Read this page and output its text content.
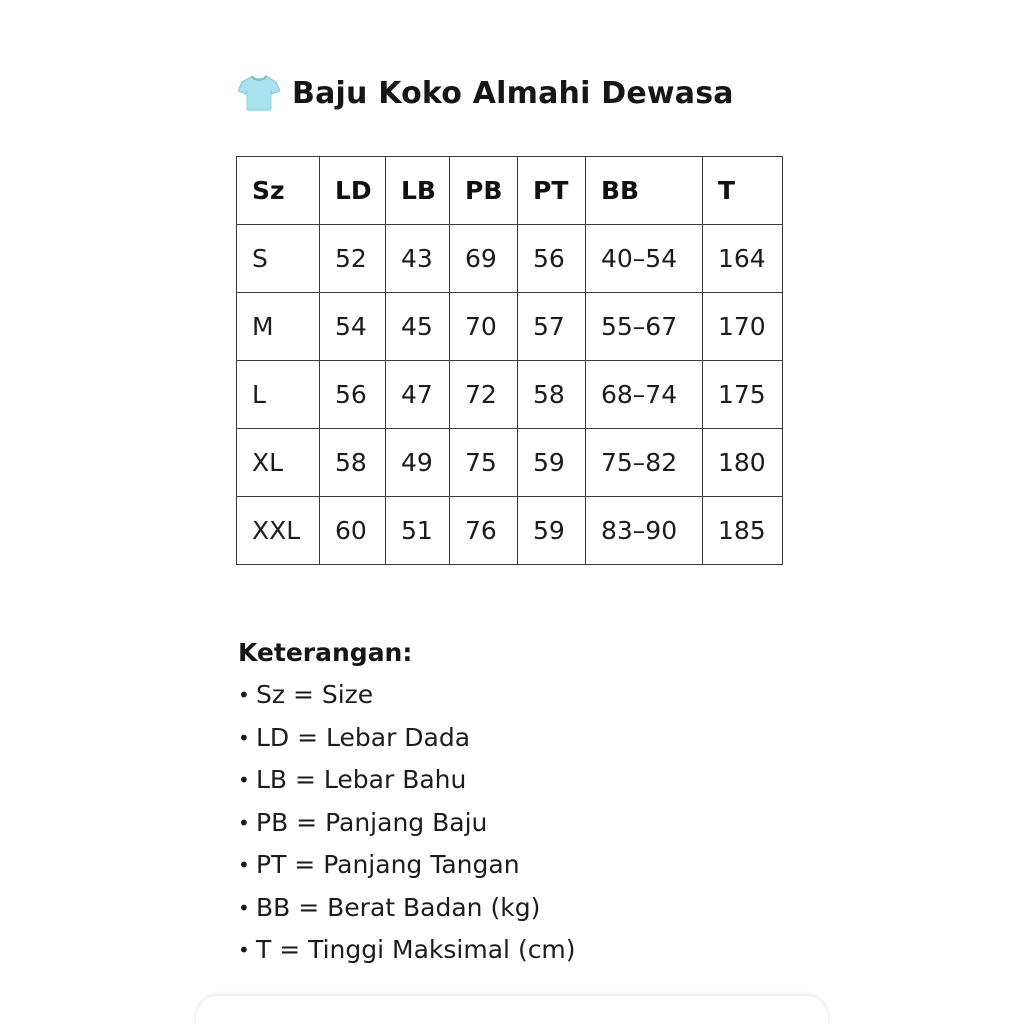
Baju Koko Almahi Dewasa
Sz	LD	LB	PB	PT	BB	T
S	52	43	69	56	40–54	164
M	54	45	70	57	55–67	170
L	56	47	72	58	68–74	175
XL	58	49	75	59	75–82	180
XXL	60	51	76	59	83–90	185
Keterangan:
• Sz = Size
• LD = Lebar Dada
• LB = Lebar Bahu
• PB = Panjang Baju
• PT = Panjang Tangan
• BB = Berat Badan (kg)
• T = Tinggi Maksimal (cm)
